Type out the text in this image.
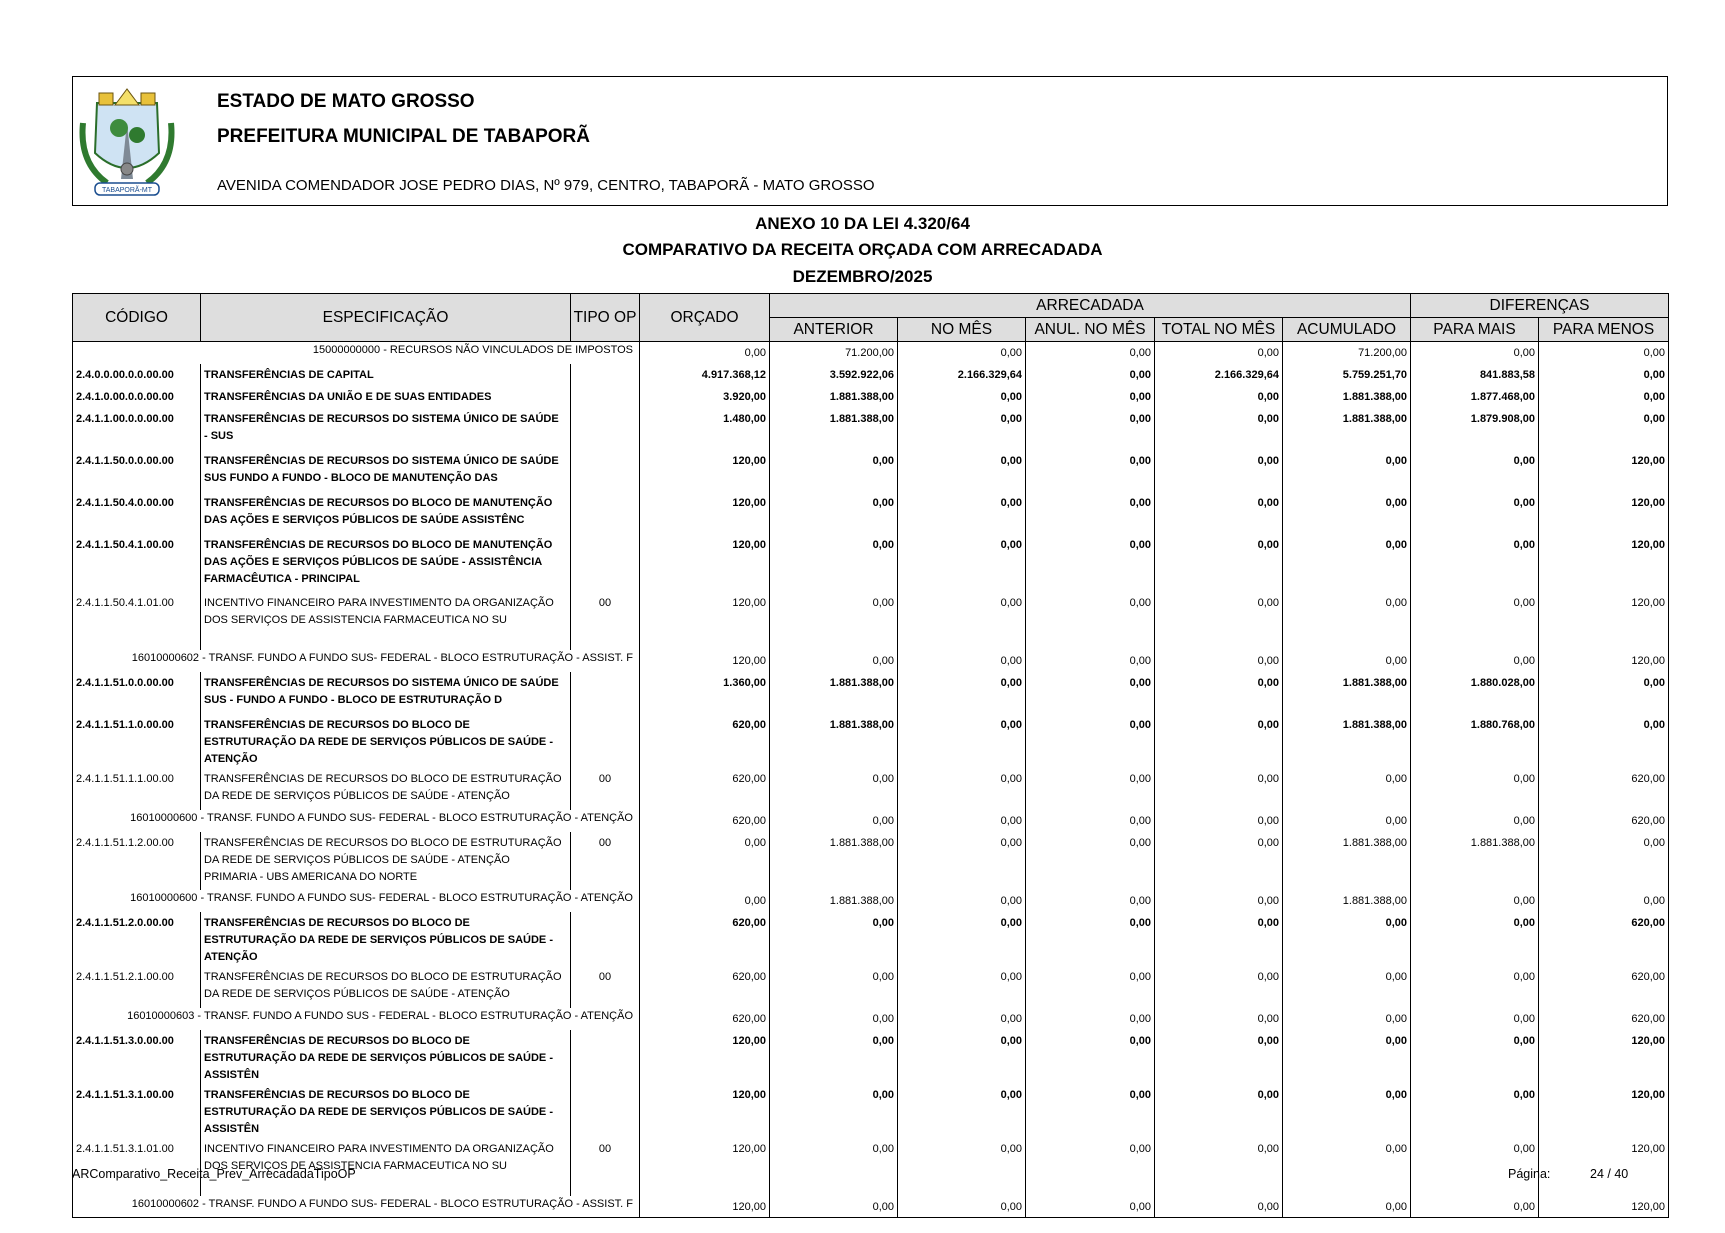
TABAPORÃ-MT
ESTADO DE MATO GROSSO
PREFEITURA MUNICIPAL DE TABAPORÃ
AVENIDA COMENDADOR JOSE PEDRO DIAS, Nº 979, CENTRO, TABAPORÃ - MATO GROSSO
ANEXO 10 DA LEI 4.320/64
COMPARATIVO DA RECEITA ORÇADA COM ARRECADADA
DEZEMBRO/2025
CÓDIGO	ESPECIFICAÇÃO	TIPO OP	ORÇADO	ARRECADADA					DIFERENÇAS	
				ANTERIOR	NO MÊS	ANUL. NO MÊS	TOTAL NO MÊS	ACUMULADO	PARA MAIS	PARA MENOS

15000000000 - RECURSOS NÃO VINCULADOS DE IMPOSTOS			0,00	71.200,00	0,00	0,00	0,00	71.200,00	0,00	0,00
2.4.0.0.00.0.0.00.00	TRANSFERÊNCIAS DE CAPITAL		4.917.368,12	3.592.922,06	2.166.329,64	0,00	2.166.329,64	5.759.251,70	841.883,58	0,00
2.4.1.0.00.0.0.00.00	TRANSFERÊNCIAS DA UNIÃO E DE SUAS ENTIDADES		3.920,00	1.881.388,00	0,00	0,00	0,00	1.881.388,00	1.877.468,00	0,00
2.4.1.1.00.0.0.00.00	TRANSFERÊNCIAS DE RECURSOS DO SISTEMA ÚNICO DE SAÚDE - SUS		1.480,00	1.881.388,00	0,00	0,00	0,00	1.881.388,00	1.879.908,00	0,00
2.4.1.1.50.0.0.00.00	TRANSFERÊNCIAS DE RECURSOS DO SISTEMA ÚNICO DE SAÚDE SUS FUNDO A FUNDO - BLOCO DE MANUTENÇÃO DAS		120,00	0,00	0,00	0,00	0,00	0,00	0,00	120,00
2.4.1.1.50.4.0.00.00	TRANSFERÊNCIAS DE RECURSOS DO BLOCO DE MANUTENÇÃO DAS AÇÕES E SERVIÇOS PÚBLICOS DE SAÚDE ASSISTÊNC		120,00	0,00	0,00	0,00	0,00	0,00	0,00	120,00
2.4.1.1.50.4.1.00.00	TRANSFERÊNCIAS DE RECURSOS DO BLOCO DE MANUTENÇÃO DAS AÇÕES E SERVIÇOS PÚBLICOS DE SAÚDE - ASSISTÊNCIA FARMACÊUTICA - PRINCIPAL		120,00	0,00	0,00	0,00	0,00	0,00	0,00	120,00
2.4.1.1.50.4.1.01.00	INCENTIVO FINANCEIRO PARA INVESTIMENTO DA ORGANIZAÇÃO DOS SERVIÇOS DE ASSISTENCIA FARMACEUTICA NO SU	00	120,00	0,00	0,00	0,00	0,00	0,00	0,00	120,00

16010000602 - TRANSF. FUNDO A FUNDO SUS- FEDERAL - BLOCO ESTRUTURAÇÃO - ASSIST. F			120,00	0,00	0,00	0,00	0,00	0,00	0,00	120,00
2.4.1.1.51.0.0.00.00	TRANSFERÊNCIAS DE RECURSOS DO SISTEMA ÚNICO DE SAÚDE SUS - FUNDO A FUNDO - BLOCO DE ESTRUTURAÇÃO D		1.360,00	1.881.388,00	0,00	0,00	0,00	1.881.388,00	1.880.028,00	0,00
2.4.1.1.51.1.0.00.00	TRANSFERÊNCIAS DE RECURSOS DO BLOCO DE ESTRUTURAÇÃO DA REDE DE SERVIÇOS PÚBLICOS DE SAÚDE - ATENÇÃO		620,00	1.881.388,00	0,00	0,00	0,00	1.881.388,00	1.880.768,00	0,00
2.4.1.1.51.1.1.00.00	TRANSFERÊNCIAS DE RECURSOS DO BLOCO DE ESTRUTURAÇÃO DA REDE DE SERVIÇOS PÚBLICOS DE SAÚDE - ATENÇÃO	00	620,00	0,00	0,00	0,00	0,00	0,00	0,00	620,00

16010000600 - TRANSF. FUNDO A FUNDO SUS- FEDERAL - BLOCO ESTRUTURAÇÃO - ATENÇÃO			620,00	0,00	0,00	0,00	0,00	0,00	0,00	620,00
2.4.1.1.51.1.2.00.00	TRANSFERÊNCIAS DE RECURSOS DO BLOCO DE ESTRUTURAÇÃO DA REDE DE SERVIÇOS PÚBLICOS DE SAÚDE - ATENÇÃO PRIMARIA - UBS AMERICANA DO NORTE	00	0,00	1.881.388,00	0,00	0,00	0,00	1.881.388,00	1.881.388,00	0,00

16010000600 - TRANSF. FUNDO A FUNDO SUS- FEDERAL - BLOCO ESTRUTURAÇÃO - ATENÇÃO			0,00	1.881.388,00	0,00	0,00	0,00	1.881.388,00	0,00	0,00
2.4.1.1.51.2.0.00.00	TRANSFERÊNCIAS DE RECURSOS DO BLOCO DE ESTRUTURAÇÃO DA REDE DE SERVIÇOS PÚBLICOS DE SAÚDE - ATENÇÃO		620,00	0,00	0,00	0,00	0,00	0,00	0,00	620,00
2.4.1.1.51.2.1.00.00	TRANSFERÊNCIAS DE RECURSOS DO BLOCO DE ESTRUTURAÇÃO DA REDE DE SERVIÇOS PÚBLICOS DE SAÚDE - ATENÇÃO	00	620,00	0,00	0,00	0,00	0,00	0,00	0,00	620,00

16010000603 - TRANSF. FUNDO A FUNDO SUS - FEDERAL - BLOCO ESTRUTURAÇÃO - ATENÇÃO			620,00	0,00	0,00	0,00	0,00	0,00	0,00	620,00
2.4.1.1.51.3.0.00.00	TRANSFERÊNCIAS DE RECURSOS DO BLOCO DE ESTRUTURAÇÃO DA REDE DE SERVIÇOS PÚBLICOS DE SAÚDE - ASSISTÊN		120,00	0,00	0,00	0,00	0,00	0,00	0,00	120,00
2.4.1.1.51.3.1.00.00	TRANSFERÊNCIAS DE RECURSOS DO BLOCO DE ESTRUTURAÇÃO DA REDE DE SERVIÇOS PÚBLICOS DE SAÚDE - ASSISTÊN		120,00	0,00	0,00	0,00	0,00	0,00	0,00	120,00
2.4.1.1.51.3.1.01.00	INCENTIVO FINANCEIRO PARA INVESTIMENTO DA ORGANIZAÇÃO DOS SERVIÇOS DE ASSISTENCIA FARMACEUTICA NO SU	00	120,00	0,00	0,00	0,00	0,00	0,00	0,00	120,00

16010000602 - TRANSF. FUNDO A FUNDO SUS- FEDERAL - BLOCO ESTRUTURAÇÃO - ASSIST. F			120,00	0,00	0,00	0,00	0,00	0,00	0,00	120,00
ARComparativo_Receita_Prev_ArrecadadaTipoOP	Página:	24 / 40
